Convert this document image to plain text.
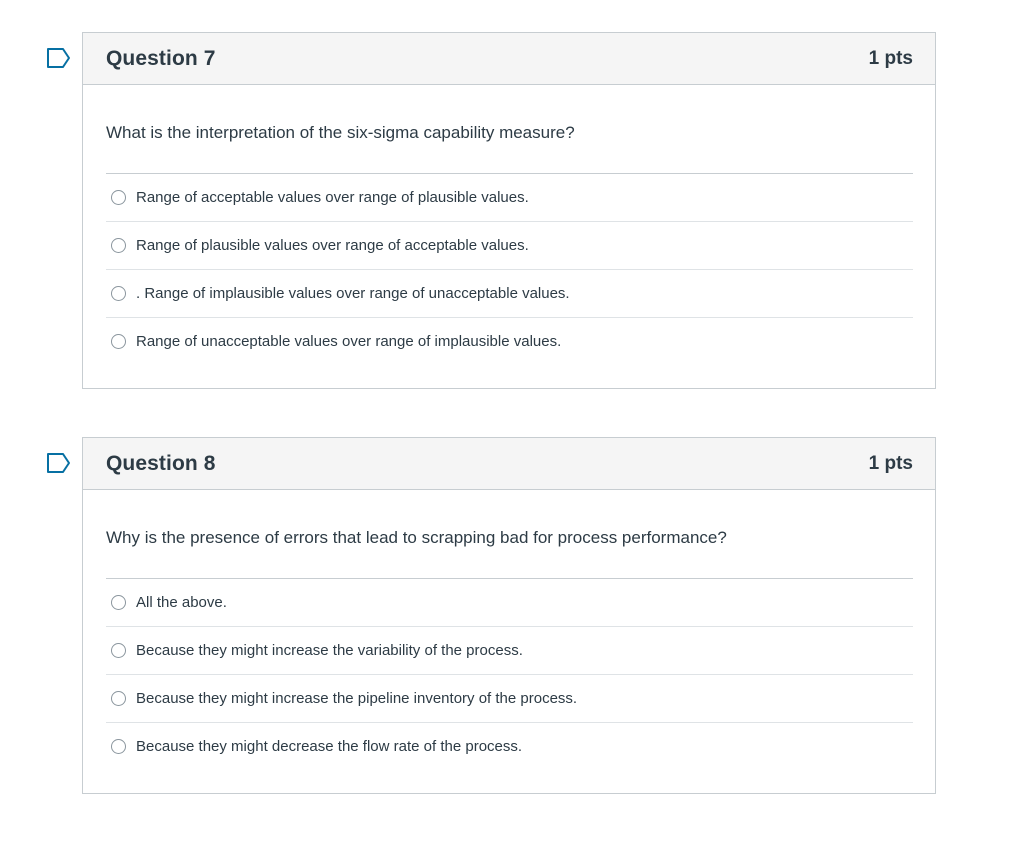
Question 7	1 pts
What is the interpretation of the six-sigma capability measure?
Range of acceptable values over range of plausible values.
Range of plausible values over range of acceptable values.
. Range of implausible values over range of unacceptable values.
Range of unacceptable values over range of implausible values.
Question 8	1 pts
Why is the presence of errors that lead to scrapping bad for process performance?
All the above.
Because they might increase the variability of the process.
Because they might increase the pipeline inventory of the process.
Because they might decrease the flow rate of the process.
